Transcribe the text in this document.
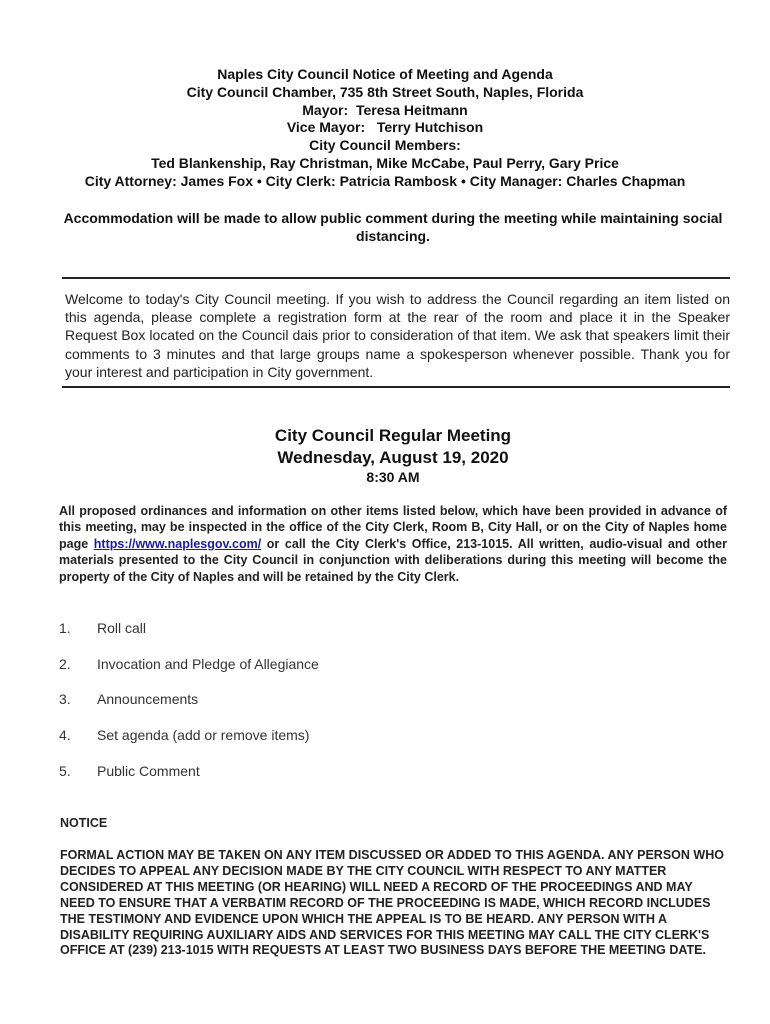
Naples City Council Notice of Meeting and Agenda
City Council Chamber, 735 8th Street South, Naples, Florida
Mayor:  Teresa Heitmann
Vice Mayor:   Terry Hutchison
City Council Members:
Ted Blankenship, Ray Christman, Mike McCabe, Paul Perry, Gary Price
City Attorney: James Fox • City Clerk: Patricia Rambosk • City Manager: Charles Chapman
Accommodation will be made to allow public comment during the meeting while maintaining social distancing.
Welcome to today's City Council meeting. If you wish to address the Council regarding an item listed on this agenda, please complete a registration form at the rear of the room and place it in the Speaker Request Box located on the Council dais prior to consideration of that item. We ask that speakers limit their comments to 3 minutes and that large groups name a spokesperson whenever possible. Thank you for your interest and participation in City government.
City Council Regular Meeting
Wednesday, August 19, 2020
8:30 AM
All proposed ordinances and information on other items listed below, which have been provided in advance of this meeting, may be inspected in the office of the City Clerk, Room B, City Hall, or on the City of Naples home page https://www.naplesgov.com/ or call the City Clerk's Office, 213-1015. All written, audio-visual and other materials presented to the City Council in conjunction with deliberations during this meeting will become the property of the City of Naples and will be retained by the City Clerk.
1. Roll call
2. Invocation and Pledge of Allegiance
3. Announcements
4. Set agenda (add or remove items)
5. Public Comment
NOTICE
FORMAL ACTION MAY BE TAKEN ON ANY ITEM DISCUSSED OR ADDED TO THIS AGENDA. ANY PERSON WHO DECIDES TO APPEAL ANY DECISION MADE BY THE CITY COUNCIL WITH RESPECT TO ANY MATTER CONSIDERED AT THIS MEETING (OR HEARING) WILL NEED A RECORD OF THE PROCEEDINGS AND MAY NEED TO ENSURE THAT A VERBATIM RECORD OF THE PROCEEDING IS MADE, WHICH RECORD INCLUDES THE TESTIMONY AND EVIDENCE UPON WHICH THE APPEAL IS TO BE HEARD. ANY PERSON WITH A DISABILITY REQUIRING AUXILIARY AIDS AND SERVICES FOR THIS MEETING MAY CALL THE CITY CLERK'S OFFICE AT (239) 213-1015 WITH REQUESTS AT LEAST TWO BUSINESS DAYS BEFORE THE MEETING DATE.
